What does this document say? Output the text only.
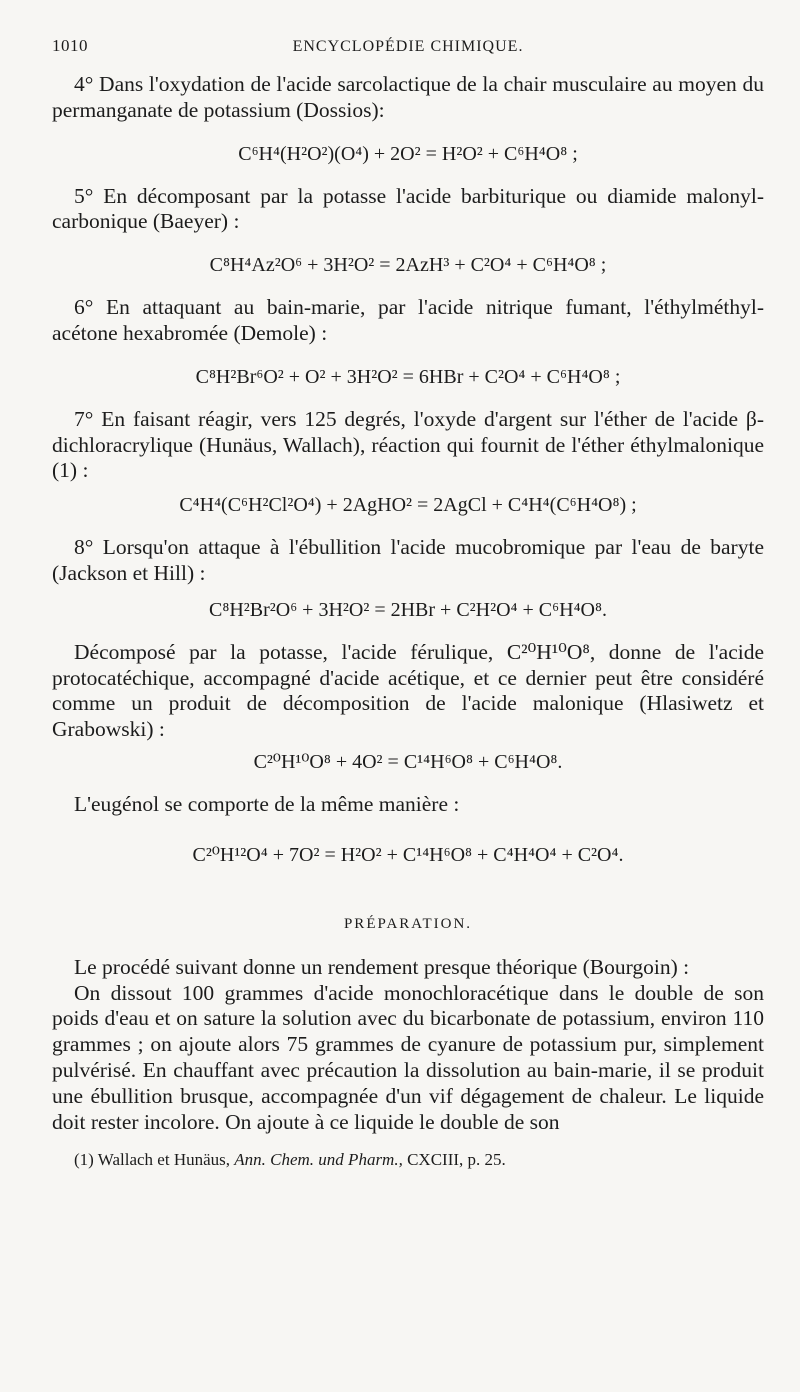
1010	ENCYCLOPÉDIE CHIMIQUE.

4° Dans l'oxydation de l'acide sarcolactique de la chair musculaire au moyen du permanganate de potassium (Dossios):

C⁶H⁴(H²O²)(O⁴) + 2O² = H²O² + C⁶H⁴O⁸ ;

5° En décomposant par la potasse l'acide barbiturique ou diamide malonyl-carbonique (Baeyer) :

C⁸H⁴Az²O⁶ + 3H²O² = 2AzH³ + C²O⁴ + C⁶H⁴O⁸ ;

6° En attaquant au bain-marie, par l'acide nitrique fumant, l'éthylméthyl-acétone hexabromée (Demole) :

C⁸H²Br⁶O² + O² + 3H²O² = 6HBr + C²O⁴ + C⁶H⁴O⁸ ;

7° En faisant réagir, vers 125 degrés, l'oxyde d'argent sur l'éther de l'acide β-dichloracrylique (Hunäus, Wallach), réaction qui fournit de l'éther éthylmalonique (1) :

C⁴H⁴(C⁶H²Cl²O⁴) + 2AgHO² = 2AgCl + C⁴H⁴(C⁶H⁴O⁸) ;

8° Lorsqu'on attaque à l'ébullition l'acide mucobromique par l'eau de baryte (Jackson et Hill) :

C⁸H²Br²O⁶ + 3H²O² = 2HBr + C²H²O⁴ + C⁶H⁴O⁸.

Décomposé par la potasse, l'acide férulique, C²⁰H¹⁰O⁸, donne de l'acide protocatéchique, accompagné d'acide acétique, et ce dernier peut être considéré comme un produit de décomposition de l'acide malonique (Hlasiwetz et Grabowski) :

C²⁰H¹⁰O⁸ + 4O² = C¹⁴H⁶O⁸ + C⁶H⁴O⁸.

L'eugénol se comporte de la même manière :

C²⁰H¹²O⁴ + 7O² = H²O² + C¹⁴H⁶O⁸ + C⁴H⁴O⁴ + C²O⁴.
PRÉPARATION.

Le procédé suivant donne un rendement presque théorique (Bourgoin) :

On dissout 100 grammes d'acide monochloracétique dans le double de son poids d'eau et on sature la solution avec du bicarbonate de potassium, environ 110 grammes ; on ajoute alors 75 grammes de cyanure de potassium pur, simplement pulvérisé. En chauffant avec précaution la dissolution au bain-marie, il se produit une ébullition brusque, accompagnée d'un vif dégagement de chaleur. Le liquide doit rester incolore. On ajoute à ce liquide le double de son

(1) Wallach et Hunäus, Ann. Chem. und Pharm., CXCIII, p. 25.
